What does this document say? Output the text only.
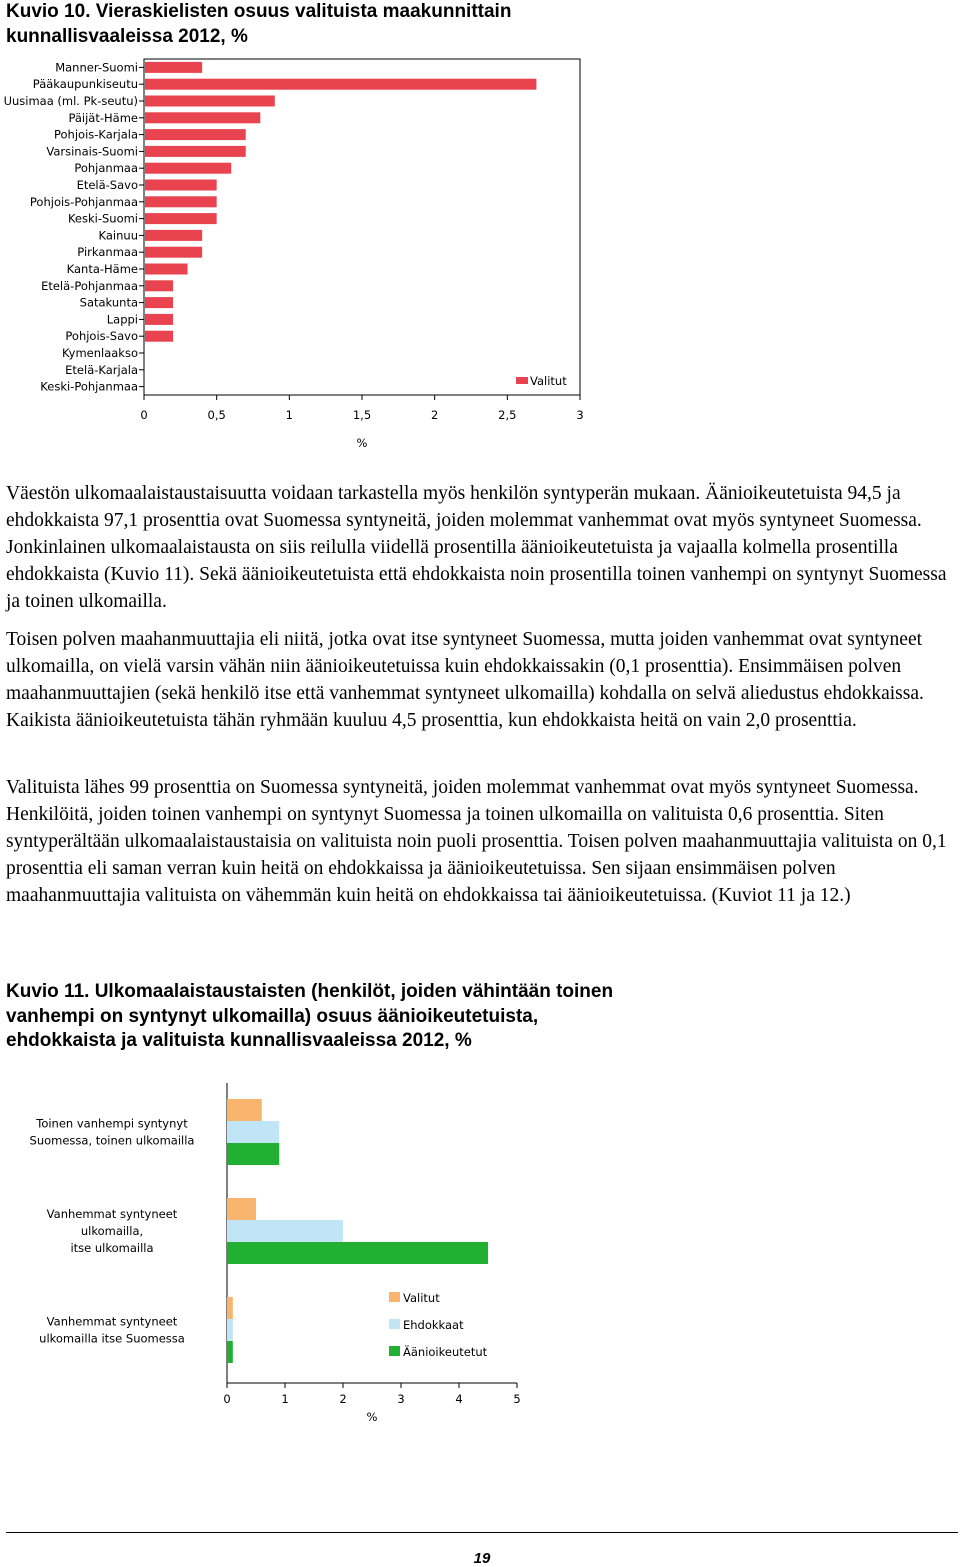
Kuvio 10. Vieraskielisten osuus valituista maakunnittain
kunnallisvaaleissa 2012, %
Manner-Suomi
Pääkaupunkiseutu
Uusimaa (ml. Pk-seutu)
Päijät-Häme
Pohjois-Karjala
Varsinais-Suomi
Pohjanmaa
Etelä-Savo
Pohjois-Pohjanmaa
Keski-Suomi
Kainuu
Pirkanmaa
Kanta-Häme
Etelä-Pohjanmaa
Satakunta
Lappi
Pohjois-Savo
Kymenlaakso
Etelä-Karjala
Keski-Pohjanmaa
0	0,5	1	1,5	2	2,5	3
%
Valitut

Väestön ulkomaalaistaustaisuutta voidaan tarkastella myös henkilön syntyperän mukaan. Äänioikeutetuista 94,5 ja ehdokkaista 97,1 prosenttia ovat Suomessa syntyneitä, joiden molemmat vanhemmat ovat myös syntyneet Suomessa. Jonkinlainen ulkomaalaistausta on siis reilulla viidellä prosentilla äänioikeutetuista ja vajaalla kolmella prosentilla ehdokkaista (Kuvio 11). Sekä äänioikeutetuista että ehdokkaista noin prosentilla toinen vanhempi on syntynyt Suomessa ja toinen ulkomailla.

Toisen polven maahanmuuttajia eli niitä, jotka ovat itse syntyneet Suomessa, mutta joiden vanhemmat ovat syntyneet ulkomailla, on vielä varsin vähän niin äänioikeutetuissa kuin ehdokkaissakin (0,1 prosenttia). Ensimmäisen polven maahanmuuttajien (sekä henkilö itse että vanhemmat syntyneet ulkomailla) kohdalla on selvä aliedustus ehdokkaissa. Kaikista äänioikeutetuista tähän ryhmään kuuluu 4,5 prosenttia, kun ehdokkaista heitä on vain 2,0 prosenttia.

Valituista lähes 99 prosenttia on Suomessa syntyneitä, joiden molemmat vanhemmat ovat myös syntyneet Suomessa. Henkilöitä, joiden toinen vanhempi on syntynyt Suomessa ja toinen ulkomailla on valituista 0,6 prosenttia. Siten syntyperältään ulkomaalaistaustaisia on valituista noin puoli prosenttia. Toisen polven maahanmuuttajia valituista on 0,1 prosenttia eli saman verran kuin heitä on ehdokkaissa ja äänioikeutetuissa. Sen sijaan ensimmäisen polven maahanmuuttajia valituista on vähemmän kuin heitä on ehdokkaissa tai äänioikeutetuissa. (Kuviot 11 ja 12.)

Kuvio 11. Ulkomaalaistaustaisten (henkilöt, joiden vähintään toinen
vanhempi on syntynyt ulkomailla) osuus äänioikeutetuista,
ehdokkaista ja valituista kunnallisvaaleissa 2012, %
Toinen vanhempi syntynyt
Suomessa, toinen ulkomailla
Vanhemmat syntyneet
ulkomailla,
itse ulkomailla
Vanhemmat syntyneet
ulkomailla itse Suomessa
0	1	2	3	4	5
%
Valitut
Ehdokkaat
Äänioikeutetut
19
